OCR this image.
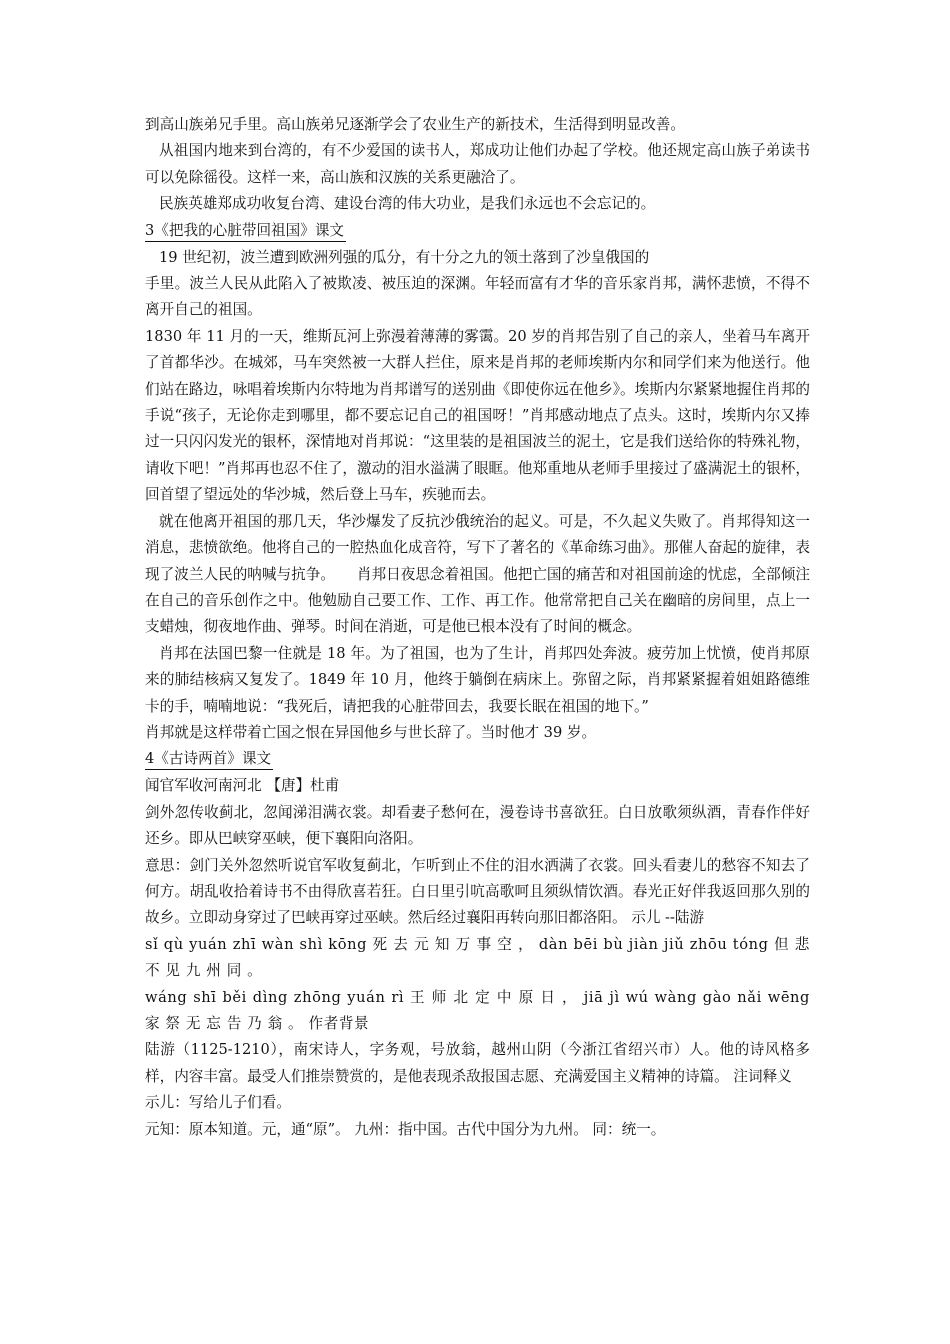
到高山族弟兄手里。高山族弟兄逐渐学会了农业生产的新技术，生活得到明显改善。

从祖国内地来到台湾的，有不少爱国的读书人，郑成功让他们办起了学校。他还规定高山族子弟读书可以免除徭役。这样一来，高山族和汉族的关系更融洽了。

民族英雄郑成功收复台湾、建设台湾的伟大功业，是我们永远也不会忘记的。

3《把我的心脏带回祖国》课文

19 世纪初，波兰遭到欧洲列强的瓜分，有十分之九的领土落到了沙皇俄国的

手里。波兰人民从此陷入了被欺凌、被压迫的深渊。年轻而富有才华的音乐家肖邦，满怀悲愤，不得不离开自己的祖国。

1830 年 11 月的一天，维斯瓦河上弥漫着薄薄的雾霭。20 岁的肖邦告别了自己的亲人，坐着马车离开了首都华沙。在城郊，马车突然被一大群人拦住，原来是肖邦的老师埃斯内尔和同学们来为他送行。他们站在路边，咏唱着埃斯内尔特地为肖邦谱写的送别曲《即使你远在他乡》。埃斯内尔紧紧地握住肖邦的手说“孩子，无论你走到哪里，都不要忘记自己的祖国呀！”肖邦感动地点了点头。这时，埃斯内尔又捧过一只闪闪发光的银杯，深情地对肖邦说：“这里装的是祖国波兰的泥土，它是我们送给你的特殊礼物，请收下吧！”肖邦再也忍不住了，激动的泪水溢满了眼眶。他郑重地从老师手里接过了盛满泥土的银杯，回首望了望远处的华沙城，然后登上马车，疾驰而去。

就在他离开祖国的那几天，华沙爆发了反抗沙俄统治的起义。可是，不久起义失败了。肖邦得知这一消息，悲愤欲绝。他将自己的一腔热血化成音符，写下了著名的《革命练习曲》。那催人奋起的旋律，表现了波兰人民的呐喊与抗争。　　肖邦日夜思念着祖国。他把亡国的痛苦和对祖国前途的忧虑，全部倾注在自己的音乐创作之中。他勉励自己要工作、工作、再工作。他常常把自己关在幽暗的房间里，点上一支蜡烛，彻夜地作曲、弹琴。时间在消逝，可是他已根本没有了时间的概念。

肖邦在法国巴黎一住就是 18 年。为了祖国，也为了生计，肖邦四处奔波。疲劳加上忧愤，使肖邦原来的肺结核病又复发了。1849 年 10 月，他终于躺倒在病床上。弥留之际，肖邦紧紧握着姐姐路德维卡的手，喃喃地说：“我死后，请把我的心脏带回去，我要长眠在祖国的地下。”

肖邦就是这样带着亡国之恨在异国他乡与世长辞了。当时他才 39 岁。

4《古诗两首》课文

闻官军收河南河北 【唐】杜甫

剑外忽传收蓟北，忽闻涕泪满衣裳。却看妻子愁何在，漫卷诗书喜欲狂。白日放歌须纵酒，青春作伴好还乡。即从巴峡穿巫峡，便下襄阳向洛阳。

意思：剑门关外忽然听说官军收复蓟北，乍听到止不住的泪水洒满了衣裳。回头看妻儿的愁容不知去了何方。胡乱收拾着诗书不由得欣喜若狂。白日里引吭高歌呵且须纵情饮酒。春光正好伴我返回那久别的故乡。立即动身穿过了巴峡再穿过巫峡。然后经过襄阳再转向那旧都洛阳。 示儿 --陆游

sǐ qù yuán zhī wàn shì kōng 死 去 元 知 万 事 空 ， dàn bēi bù jiàn jiǔ zhōu tóng 但 悲 不 见 九 州 同 。

wáng shī běi dìng zhōng yuán rì 王 师 北 定 中 原 日 ， jiā jì wú wàng gào nǎi wēng 家 祭 无 忘 告 乃 翁 。 作者背景

陆游（1125-1210），南宋诗人，字务观，号放翁，越州山阴（今浙江省绍兴市）人。他的诗风格多样，内容丰富。最受人们推崇赞赏的，是他表现杀敌报国志愿、充满爱国主义精神的诗篇。 注词释义

示儿：写给儿子们看。

元知：原本知道。元，通“原”。 九州：指中国。古代中国分为九州。 同：统一。
